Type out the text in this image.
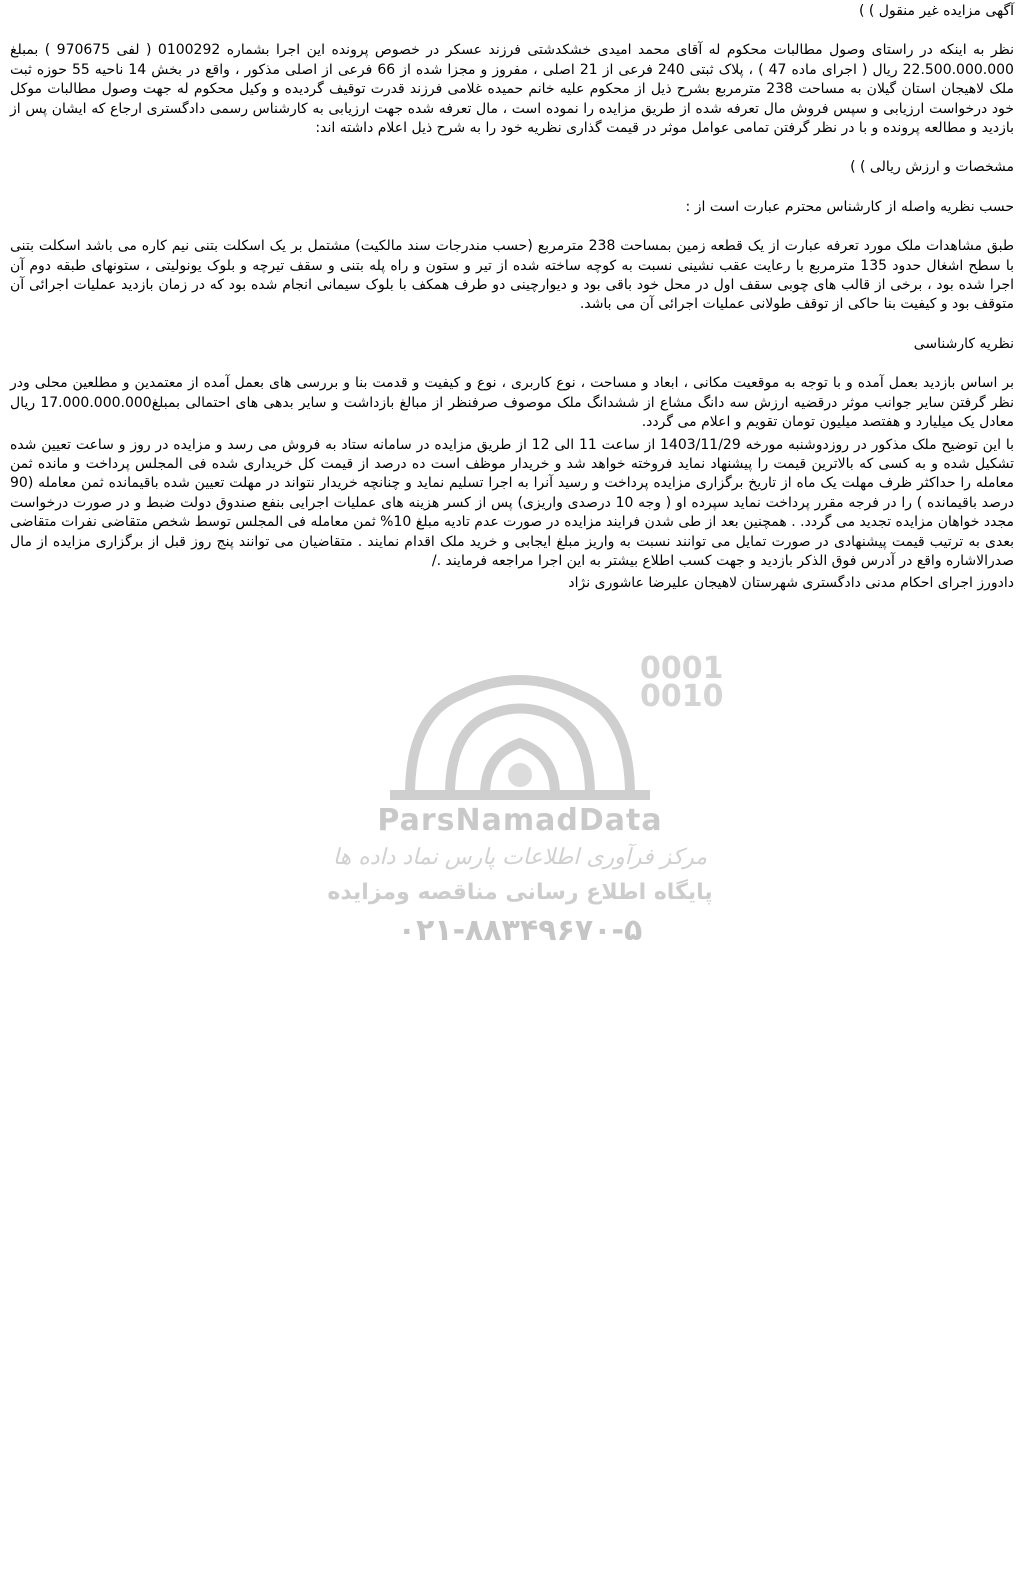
آگهی مزایده غیر منقول ) )

نظر به اینکه در راستای وصول مطالبات محکوم له آقای محمد امیدی خشکدشتی فرزند عسکر در خصوص پرونده این اجرا بشماره 0100292 ( لفی 970675 ) بمبلغ 22.500.000.000 ریال ( اجرای ماده 47 ) ، پلاک ثبتی 240 فرعی از 21 اصلی ، مفروز و مجزا شده از 66 فرعی از اصلی مذکور ، واقع در بخش 14 ناحیه 55 حوزه ثبت ملک لاهیجان استان گیلان به مساحت 238 مترمربع بشرح ذیل از محکوم علیه خانم حمیده غلامی فرزند قدرت توقیف گردیده و وکیل محکوم له جهت وصول مطالبات موکل خود درخواست ارزیابی و سپس فروش مال تعرفه شده از طریق مزایده را نموده است ، مال تعرفه شده جهت ارزیابی به کارشناس رسمی دادگستری ارجاع که ایشان پس از بازدید و مطالعه پرونده و با در نظر گرفتن تمامی عوامل موثر در قیمت گذاری نظریه خود را به شرح ذیل اعلام داشته اند:

مشخصات و ارزش ریالی ) )

حسب نظریه واصله از کارشناس محترم عبارت است از :

طبق مشاهدات ملک مورد تعرفه عبارت از یک قطعه زمین بمساحت 238 مترمربع (حسب مندرجات سند مالکیت) مشتمل بر یک اسکلت بتنی نیم کاره می باشد اسکلت بتنی با سطح اشغال حدود 135 مترمربع با رعایت عقب نشینی نسبت به کوچه ساخته شده از تیر و ستون و راه پله بتنی و سقف تیرچه و بلوک یونولیتی ، ستونهای طبقه دوم آن اجرا شده بود ، برخی از قالب های چوبی سقف اول در محل خود باقی بود و دیوارچینی دو طرف همکف با بلوک سیمانی انجام شده بود که در زمان بازدید عملیات اجرائی آن متوقف بود و کیفیت بنا حاکی از توقف طولانی عملیات اجرائی آن می باشد.

نظریه کارشناسی

بر اساس بازدید بعمل آمده و با توجه به موقعیت مکانی ، ابعاد و مساحت ، نوع کاربری ، نوع و کیفیت و قدمت بنا و بررسی های بعمل آمده از معتمدین و مطلعین محلی ودر نظر گرفتن سایر جوانب موثر درقضیه ارزش سه دانگ مشاع از ششدانگ ملک موصوف صرفنظر از مبالغ بازداشت و سایر بدهی های احتمالی بمبلغ17.000.000.000 ریال معادل یک میلیارد و هفتصد میلیون تومان تقویم و اعلام می گردد.

با این توضیح ملک مذکور در روزدوشنبه مورخه 1403/11/29 از ساعت 11 الی 12 از طریق مزایده در سامانه ستاد به فروش می رسد و مزایده در روز و ساعت تعیین شده تشکیل شده و به کسی که بالاترین قیمت را پیشنهاد نماید فروخته خواهد شد و خریدار موظف است ده درصد از قیمت کل خریداری شده فی المجلس پرداخت و مانده ثمن معامله را حداکثر ظرف مهلت یک ماه از تاریخ برگزاری مزایده پرداخت و رسید آنرا به اجرا تسلیم نماید و چنانچه خریدار نتواند در مهلت تعیین شده باقیمانده ثمن معامله (90 درصد باقیمانده ) را در فرجه مقرر پرداخت نماید سپرده او ( وجه 10 درصدی واریزی) پس از کسر هزینه های عملیات اجرایی بنفع صندوق دولت ضبط و در صورت درخواست مجدد خواهان مزایده تجدید می گردد. . همچنین بعد از طی شدن فرایند مزایده در صورت عدم تادیه مبلغ 10% ثمن معامله فی المجلس توسط شخص متقاضی نفرات متقاضی بعدی به ترتیب قیمت پیشنهادی در صورت تمایل می توانند نسبت به واریز مبلغ ایجابی و خرید ملک اقدام نمایند . متقاضیان می توانند پنج روز قبل از برگزاری مزایده از مال صدرالاشاره واقع در آدرس فوق الذکر بازدید و جهت کسب اطلاع بیشتر به این اجرا مراجعه فرمایند ./

دادورز اجرای احکام مدنی دادگستری شهرستان لاهیجان علیرضا عاشوری نژاد

0001 0010
ParsNamadData
مرکز فرآوری اطلاعات پارس نماد داده ها
پایگاه اطلاع رسانی مناقصه ومزایده
۰۲۱-۸۸۳۴۹۶۷۰-۵
